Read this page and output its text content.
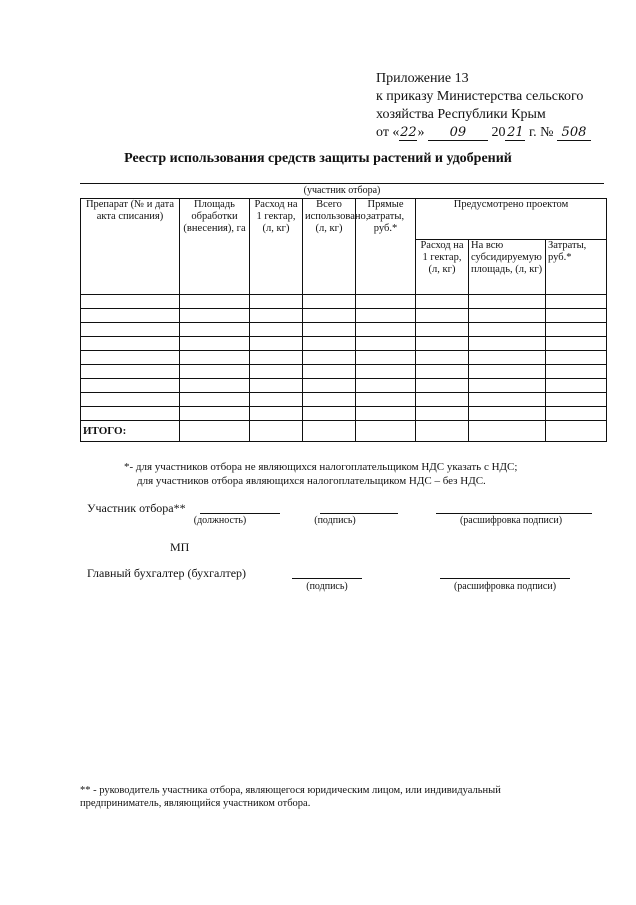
Приложение 13
к приказу Министерства сельского
хозяйства Республики Крым
от «22» 09 20 21 г. № 508
Реестр использования средств защиты растений и удобрений
(участник отбора)
Препарат (№ и дата акта списания)	Площадь обработки (внесения), га	Расход на 1 гектар, (л, кг)	Всего использовано, (л, кг)	Прямые затраты, руб.*	Предусмотрено проектом		
					Расход на 1 гектар, (л, кг)	На всю субсидируемую площадь, (л, кг)	Затраты, руб.*

ИТОГО:							
*- для участников отбора не являющихся налогоплательщиком НДС указать с НДС;
для участников отбора являющихся налогоплательщиком НДС – без НДС.
Участник отбора**
(должность)	(подпись)	(расшифровка подписи)
МП
Главный бухгалтер (бухгалтер)
(подпись)	(расшифровка подписи)
** - руководитель участника отбора, являющегося юридическим лицом, или индивидуальный предприниматель, являющийся участником отбора.
